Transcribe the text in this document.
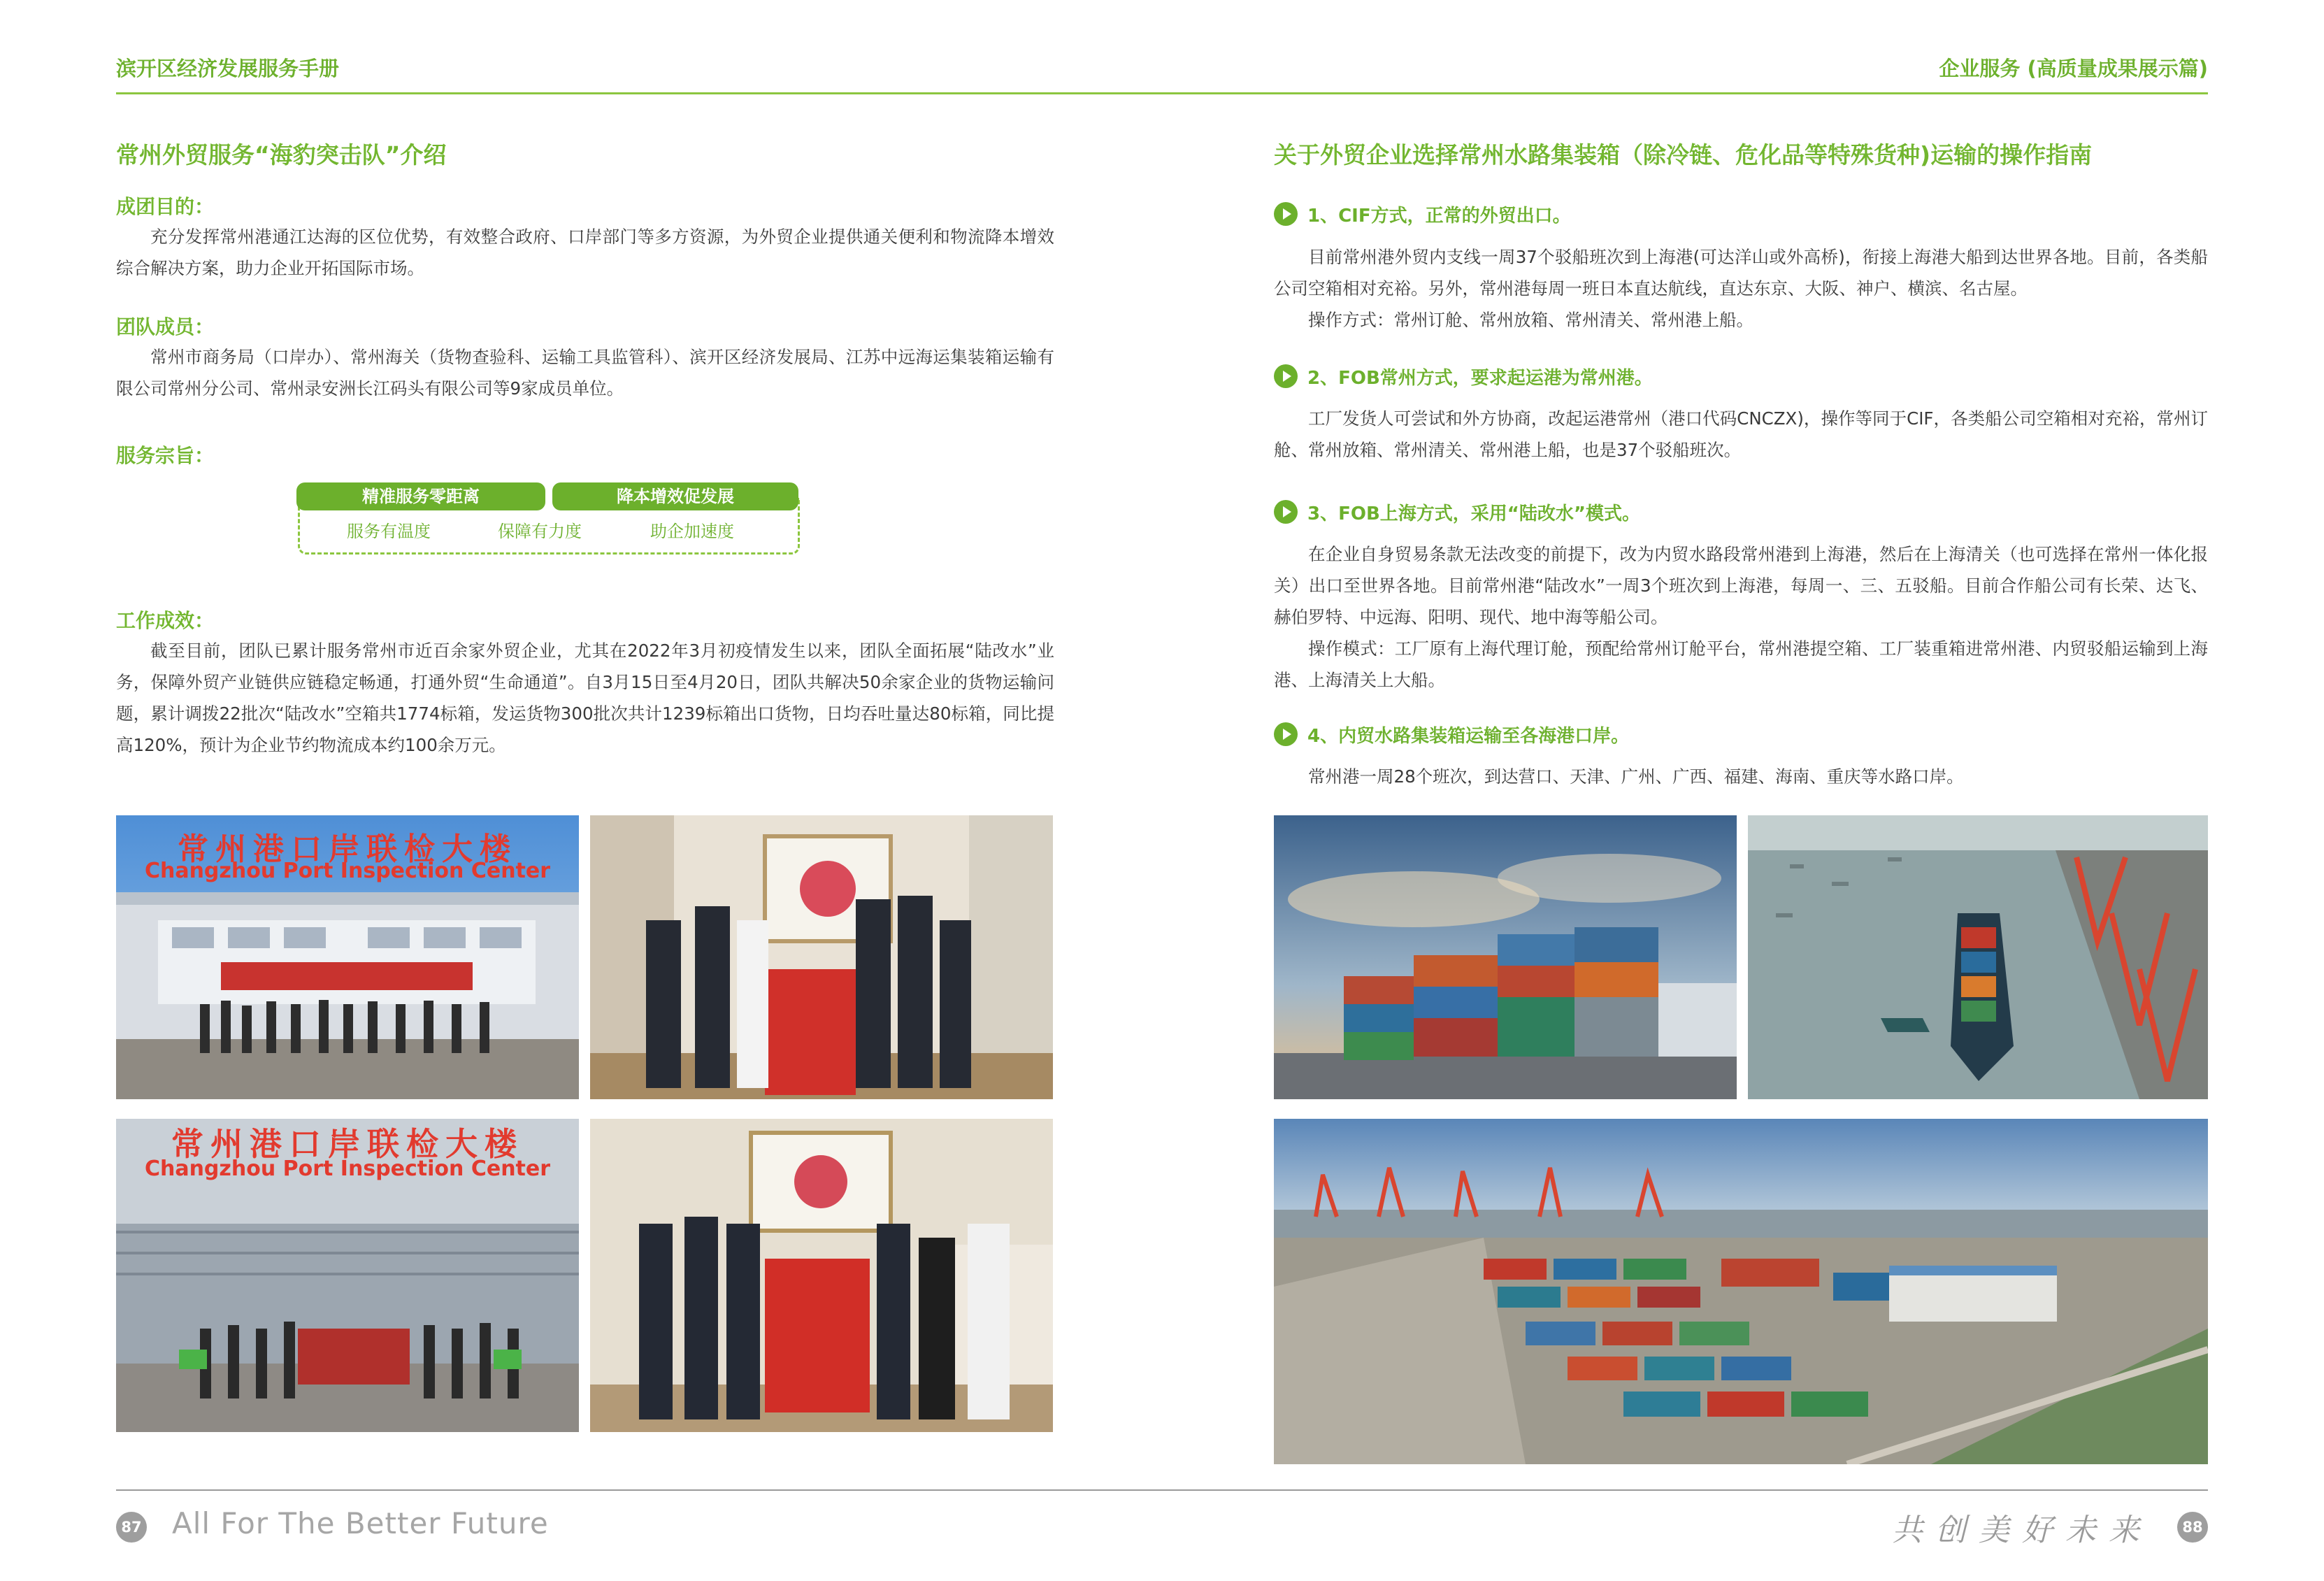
滨开区经济发展服务手册	企业服务 (高质量成果展示篇)
常州外贸服务“海豹突击队”介绍
成团目的：

充分发挥常州港通江达海的区位优势，有效整合政府、口岸部门等多方资源，为外贸企业提供通关便利和物流降本增效综合解决方案，助力企业开拓国际市场。

团队成员：

常州市商务局（口岸办）、常州海关（货物查验科、运输工具监管科）、滨开区经济发展局、江苏中远海运集装箱运输有限公司常州分公司、常州录安洲长江码头有限公司等9家成员单位。

服务宗旨：
精准服务零距离	降本增效促发展
服务有温度	保障有力度	助企加速度
工作成效：

截至目前，团队已累计服务常州市近百余家外贸企业，尤其在2022年3月初疫情发生以来，团队全面拓展“陆改水”业务，保障外贸产业链供应链稳定畅通，打通外贸“生命通道”。自3月15日至4月20日，团队共解决50余家企业的货物运输问题，累计调拨22批次“陆改水”空箱共1774标箱，发运货物300批次共计1239标箱出口货物，日均吞吐量达80标箱，同比提高120%，预计为企业节约物流成本约100余万元。

常州港口岸联检大楼
Changzhou Port Inspection Center
常州港口岸联检大楼
Changzhou Port Inspection Center
关于外贸企业选择常州水路集装箱（除冷链、危化品等特殊货种)运输的操作指南
1、CIF方式，正常的外贸出口。

目前常州港外贸内支线一周37个驳船班次到上海港(可达洋山或外高桥)，衔接上海港大船到达世界各地。目前，各类船公司空箱相对充裕。另外，常州港每周一班日本直达航线，直达东京、大阪、神户、横滨、名古屋。

操作方式：常州订舱、常州放箱、常州清关、常州港上船。

2、FOB常州方式，要求起运港为常州港。

工厂发货人可尝试和外方协商，改起运港常州（港口代码CNCZX)，操作等同于CIF，各类船公司空箱相对充裕，常州订舱、常州放箱、常州清关、常州港上船，也是37个驳船班次。

3、FOB上海方式，采用“陆改水”模式。

在企业自身贸易条款无法改变的前提下，改为内贸水路段常州港到上海港，然后在上海清关（也可选择在常州一体化报关）出口至世界各地。目前常州港“陆改水”一周3个班次到上海港，每周一、三、五驳船。目前合作船公司有长荣、达飞、赫伯罗特、中远海、阳明、现代、地中海等船公司。

操作模式：工厂原有上海代理订舱，预配给常州订舱平台，常州港提空箱、工厂装重箱进常州港、内贸驳船运输到上海港、上海清关上大船。

4、内贸水路集装箱运输至各海港口岸。

常州港一周28个班次，到达营口、天津、广州、广西、福建、海南、重庆等水路口岸。

87 All For The Better Future	共创美好未来	88
